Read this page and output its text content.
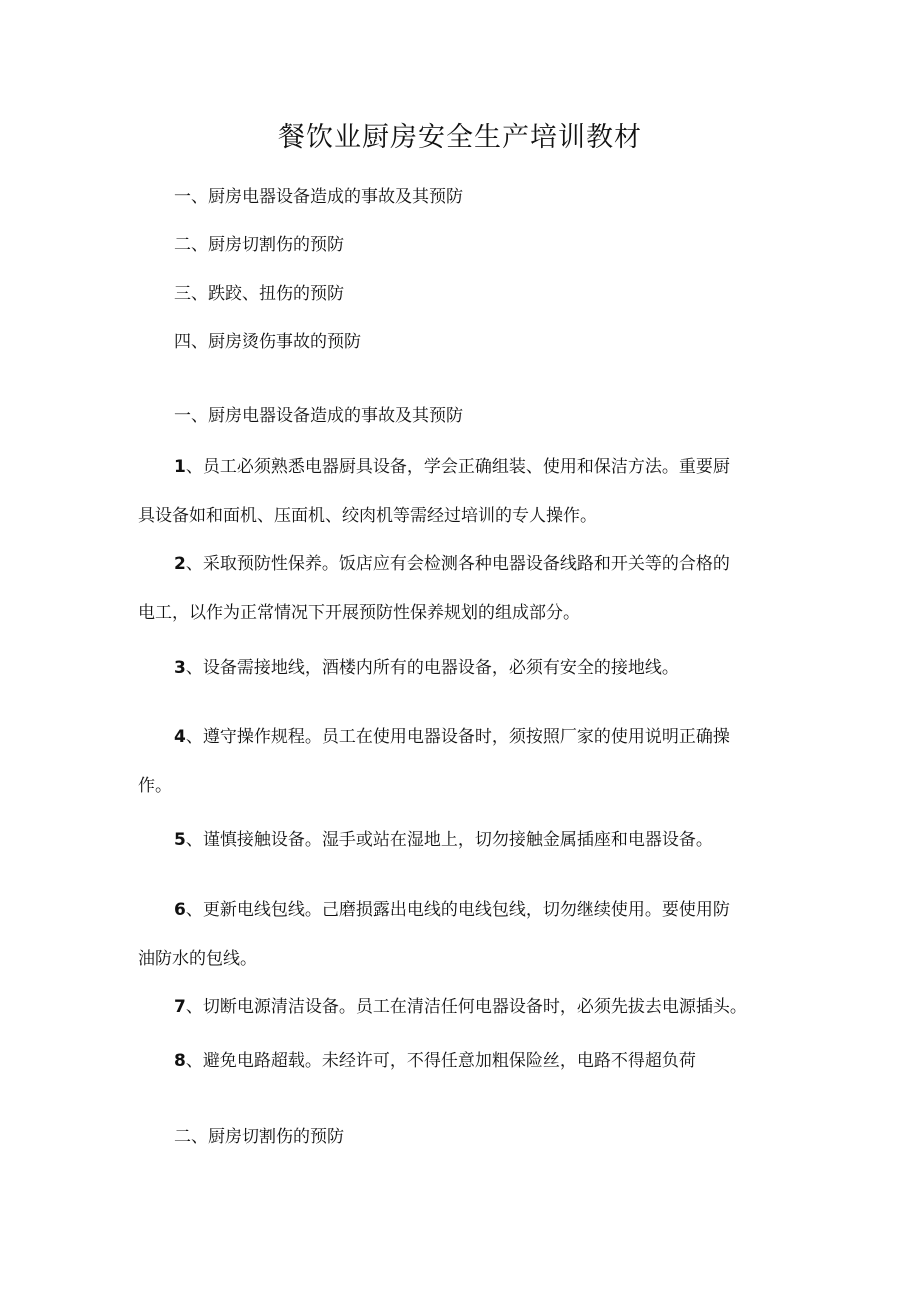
餐饮业厨房安全生产培训教材
一、厨房电器设备造成的事故及其预防
二、厨房切割伤的预防
三、跌跤、扭伤的预防
四、厨房烫伤事故的预防
一、厨房电器设备造成的事故及其预防
1、员工必须熟悉电器厨具设备，学会正确组装、使用和保洁方法。重要厨
具设备如和面机、压面机、绞肉机等需经过培训的专人操作。
2、采取预防性保养。饭店应有会检测各种电器设备线路和开关等的合格的
电工，以作为正常情况下开展预防性保养规划的组成部分。
3、设备需接地线，酒楼内所有的电器设备，必须有安全的接地线。
4、遵守操作规程。员工在使用电器设备时，须按照厂家的使用说明正确操
作。
5、谨慎接触设备。湿手或站在湿地上，切勿接触金属插座和电器设备。
6、更新电线包线。己磨损露出电线的电线包线，切勿继续使用。要使用防
油防水的包线。
7、切断电源清洁设备。员工在清洁任何电器设备时，必须先拔去电源插头。
8、避免电路超载。未经许可，不得任意加粗保险丝，电路不得超负荷
二、厨房切割伤的预防
